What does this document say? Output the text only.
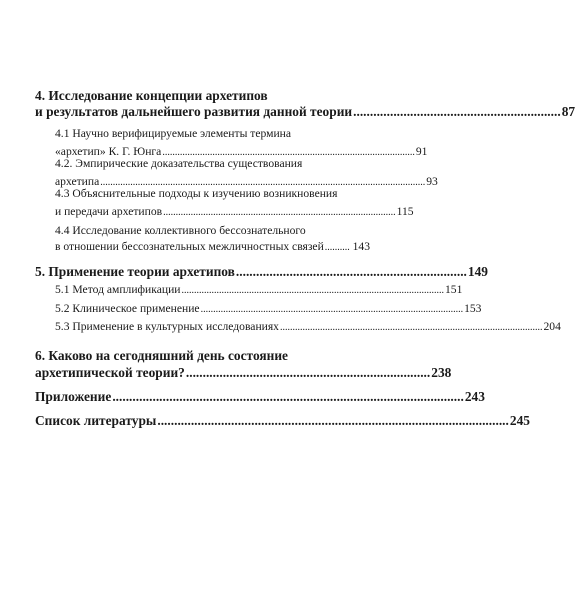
4. Исследование концепции архетипов
и результатов дальнейшего развития данной теории .............................................................. 87
4.1 Научно верифицируемые элементы термина
«архетип» К. Г. Юнга ..................................................................................................... 91
4.2. Эмпирические доказательства существования
архетипа .................................................................................................................................. 93
4.3 Объяснительные подходы к изучению возникновения
и передачи архетипов ............................................................................................. 115
4.4 Исследование коллективного бессознательного
в отношении бессознательных межличностных связей .......... 143
5. Применение теории архетипов ..................................................................... 149
5.1 Метод амплификации ......................................................................................................... 151
5.2 Клиническое применение ......................................................................................................... 153
5.3 Применение в культурных исследованиях ......................................................................................................... 204
6. Каково на сегодняшний день состояние
архетипической теории? ......................................................................... 238
Приложение ......................................................................................................... 243
Список литературы ......................................................................................................... 245
